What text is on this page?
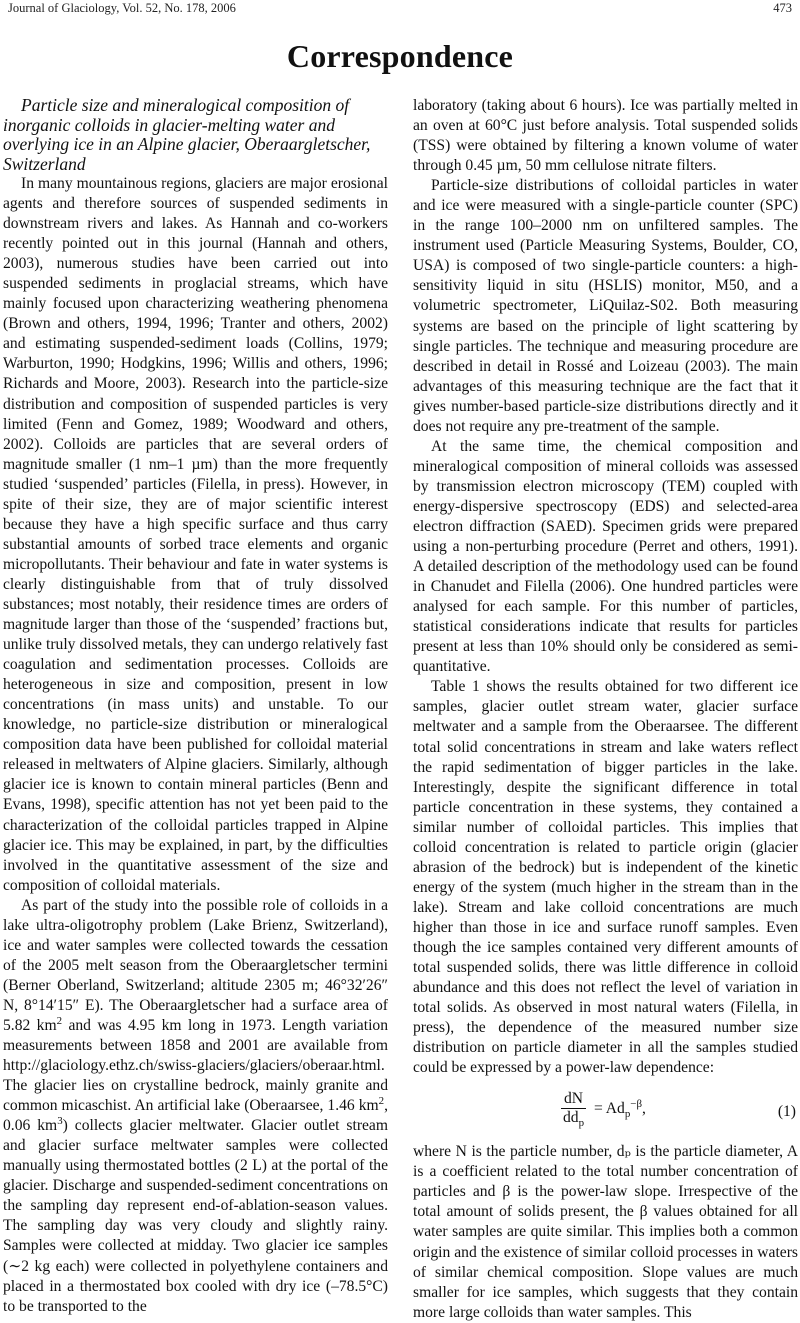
Journal of Glaciology, Vol. 52, No. 178, 2006	473
Correspondence

Particle size and mineralogical composition of inorganic colloids in glacier-melting water and overlying ice in an Alpine glacier, Oberaargletscher, Switzerland

In many mountainous regions, glaciers are major erosional agents and therefore sources of suspended sediments in downstream rivers and lakes. As Hannah and co-workers recently pointed out in this journal (Hannah and others, 2003), numerous studies have been carried out into suspended sediments in proglacial streams, which have mainly focused upon characterizing weathering phenomena (Brown and others, 1994, 1996; Tranter and others, 2002) and estimating suspended-sediment loads (Collins, 1979; Warburton, 1990; Hodgkins, 1996; Willis and others, 1996; Richards and Moore, 2003). Research into the particle-size distribution and composition of suspended particles is very limited (Fenn and Gomez, 1989; Woodward and others, 2002). Colloids are particles that are several orders of magnitude smaller (1 nm–1 µm) than the more frequently studied ‘suspended’ particles (Filella, in press). However, in spite of their size, they are of major scientific interest because they have a high specific surface and thus carry substantial amounts of sorbed trace elements and organic micropollutants. Their behaviour and fate in water systems is clearly distinguishable from that of truly dissolved substances; most notably, their residence times are orders of magnitude larger than those of the ‘suspended’ fractions but, unlike truly dissolved metals, they can undergo relatively fast coagulation and sedimentation processes. Colloids are heterogeneous in size and composition, present in low concentrations (in mass units) and unstable. To our knowledge, no particle-size distribution or mineralogical composition data have been published for colloidal material released in meltwaters of Alpine glaciers. Similarly, although glacier ice is known to contain mineral particles (Benn and Evans, 1998), specific attention has not yet been paid to the characterization of the colloidal particles trapped in Alpine glacier ice. This may be explained, in part, by the difficulties involved in the quantitative assessment of the size and composition of colloidal materials.

As part of the study into the possible role of colloids in a lake ultra-oligotrophy problem (Lake Brienz, Switzerland), ice and water samples were collected towards the cessation of the 2005 melt season from the Oberaargletscher termini (Berner Oberland, Switzerland; altitude 2305 m; 46°32′26″ N, 8°14′15″ E). The Oberaargletscher had a surface area of 5.82 $km^2$ and was 4.95 km long in 1973. Length variation measurements between 1858 and 2001 are available from http://glaciology.ethz.ch/swiss-glaciers/glaciers/oberaar.html. The glacier lies on crystalline bedrock, mainly granite and common micaschist. An artificial lake (Oberaarsee, 1.46 $km^2$, 0.06 $km^3$) collects glacier meltwater. Glacier outlet stream and glacier surface meltwater samples were collected manually using thermostated bottles (2 L) at the portal of the glacier. Discharge and suspended-sediment concentrations on the sampling day represent end-of-ablation-season values. The sampling day was very cloudy and slightly rainy. Samples were collected at midday. Two glacier ice samples (∼2 kg each) were collected in polyethylene containers and placed in a thermostated box cooled with dry ice (–78.5°C) to be transported to the

laboratory (taking about 6 hours). Ice was partially melted in an oven at 60°C just before analysis. Total suspended solids (TSS) were obtained by filtering a known volume of water through 0.45 µm, 50 mm cellulose nitrate filters.

Particle-size distributions of colloidal particles in water and ice were measured with a single-particle counter (SPC) in the range 100–2000 nm on unfiltered samples. The instrument used (Particle Measuring Systems, Boulder, CO, USA) is composed of two single-particle counters: a high-sensitivity liquid in situ (HSLIS) monitor, M50, and a volumetric spectrometer, LiQuilaz-S02. Both measuring systems are based on the principle of light scattering by single particles. The technique and measuring procedure are described in detail in Rossé and Loizeau (2003). The main advantages of this measuring technique are the fact that it gives number-based particle-size distributions directly and it does not require any pre-treatment of the sample.

At the same time, the chemical composition and mineralogical composition of mineral colloids was assessed by transmission electron microscopy (TEM) coupled with energy-dispersive spectroscopy (EDS) and selected-area electron diffraction (SAED). Specimen grids were prepared using a non-perturbing procedure (Perret and others, 1991). A detailed description of the methodology used can be found in Chanudet and Filella (2006). One hundred particles were analysed for each sample. For this number of particles, statistical considerations indicate that results for particles present at less than 10% should only be considered as semi-quantitative.

Table 1 shows the results obtained for two different ice samples, glacier outlet stream water, glacier surface meltwater and a sample from the Oberaarsee. The different total solid concentrations in stream and lake waters reflect the rapid sedimentation of bigger particles in the lake. Interestingly, despite the significant difference in total particle concentration in these systems, they contained a similar number of colloidal particles. This implies that colloid concentration is related to particle origin (glacier abrasion of the bedrock) but is independent of the kinetic energy of the system (much higher in the stream than in the lake). Stream and lake colloid concentrations are much higher than those in ice and surface runoff samples. Even though the ice samples contained very different amounts of total suspended solids, there was little difference in colloid abundance and this does not reflect the level of variation in total solids. As observed in most natural waters (Filella, in press), the dependence of the measured number size distribution on particle diameter in all the samples studied could be expressed by a power-law dependence:

$\frac{dN}{dd_p} = Ad_p^{-\beta}$,	(1)

where N is the particle number, dₚ is the particle diameter, A is a coefficient related to the total number concentration of particles and β is the power-law slope. Irrespective of the total amount of solids present, the β values obtained for all water samples are quite similar. This implies both a common origin and the existence of similar colloid processes in waters of similar chemical composition. Slope values are much smaller for ice samples, which suggests that they contain more large colloids than water samples. This
